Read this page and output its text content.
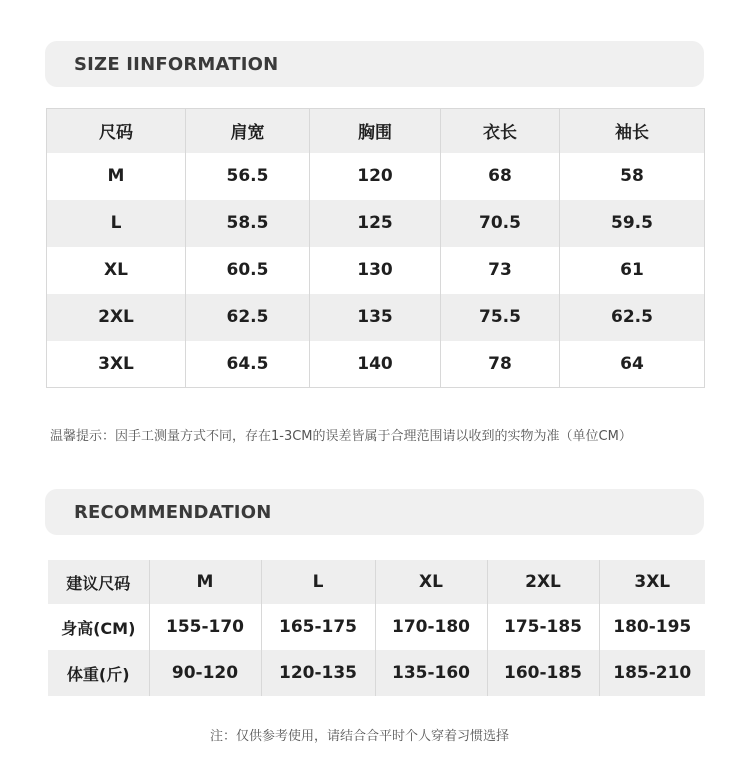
SIZE IINFORMATION
尺码	肩宽	胸围	衣长	袖长
M	56.5	120	68	58
L	58.5	125	70.5	59.5
XL	60.5	130	73	61
2XL	62.5	135	75.5	62.5
3XL	64.5	140	78	64
温馨提示：因手工测量方式不同，存在1-3CM的误差皆属于合理范围请以收到的实物为准（单位CM）
RECOMMENDATION
建议尺码	M	L	XL	2XL	3XL
身高(CM)	155-170	165-175	170-180	175-185	180-195
体重(斤)	90-120	120-135	135-160	160-185	185-210
注：仅供参考使用，请结合合平时个人穿着习惯选择
